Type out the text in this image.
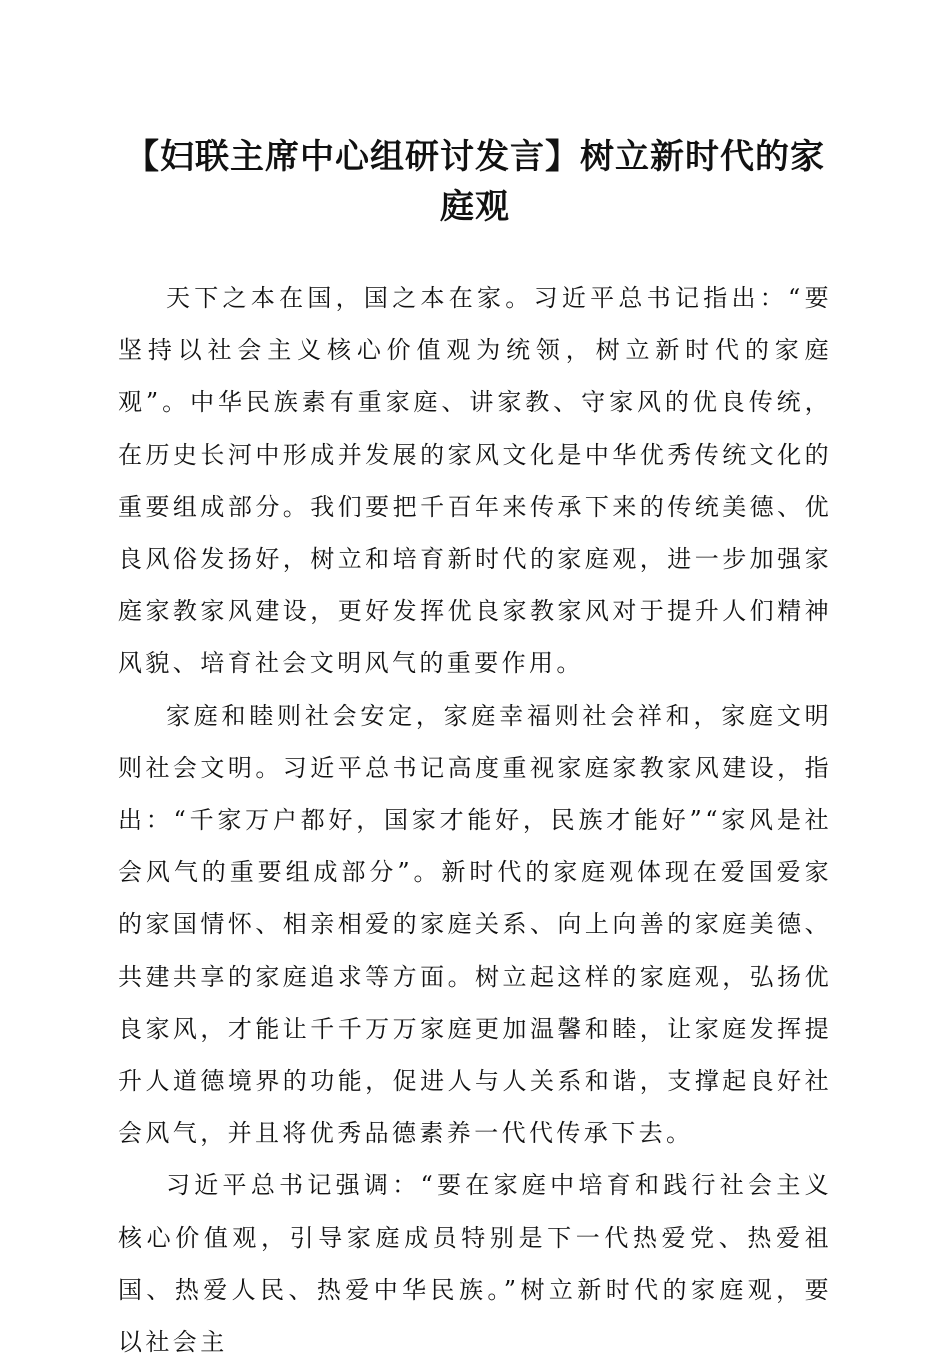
【妇联主席中心组研讨发言】树立新时代的家庭观

天下之本在国，国之本在家。习近平总书记指出：“要坚持以社会主义核心价值观为统领，树立新时代的家庭观”。中华民族素有重家庭、讲家教、守家风的优良传统，在历史长河中形成并发展的家风文化是中华优秀传统文化的重要组成部分。我们要把千百年来传承下来的传统美德、优良风俗发扬好，树立和培育新时代的家庭观，进一步加强家庭家教家风建设，更好发挥优良家教家风对于提升人们精神风貌、培育社会文明风气的重要作用。

家庭和睦则社会安定，家庭幸福则社会祥和，家庭文明则社会文明。习近平总书记高度重视家庭家教家风建设，指出：“千家万户都好，国家才能好，民族才能好”“家风是社会风气的重要组成部分”。新时代的家庭观体现在爱国爱家的家国情怀、相亲相爱的家庭关系、向上向善的家庭美德、共建共享的家庭追求等方面。树立起这样的家庭观，弘扬优良家风，才能让千千万万家庭更加温馨和睦，让家庭发挥提升人道德境界的功能，促进人与人关系和谐，支撑起良好社会风气，并且将优秀品德素养一代代传承下去。

习近平总书记强调：“要在家庭中培育和践行社会主义核心价值观，引导家庭成员特别是下一代热爱党、热爱祖国、热爱人民、热爱中华民族。”树立新时代的家庭观，要以社会主
